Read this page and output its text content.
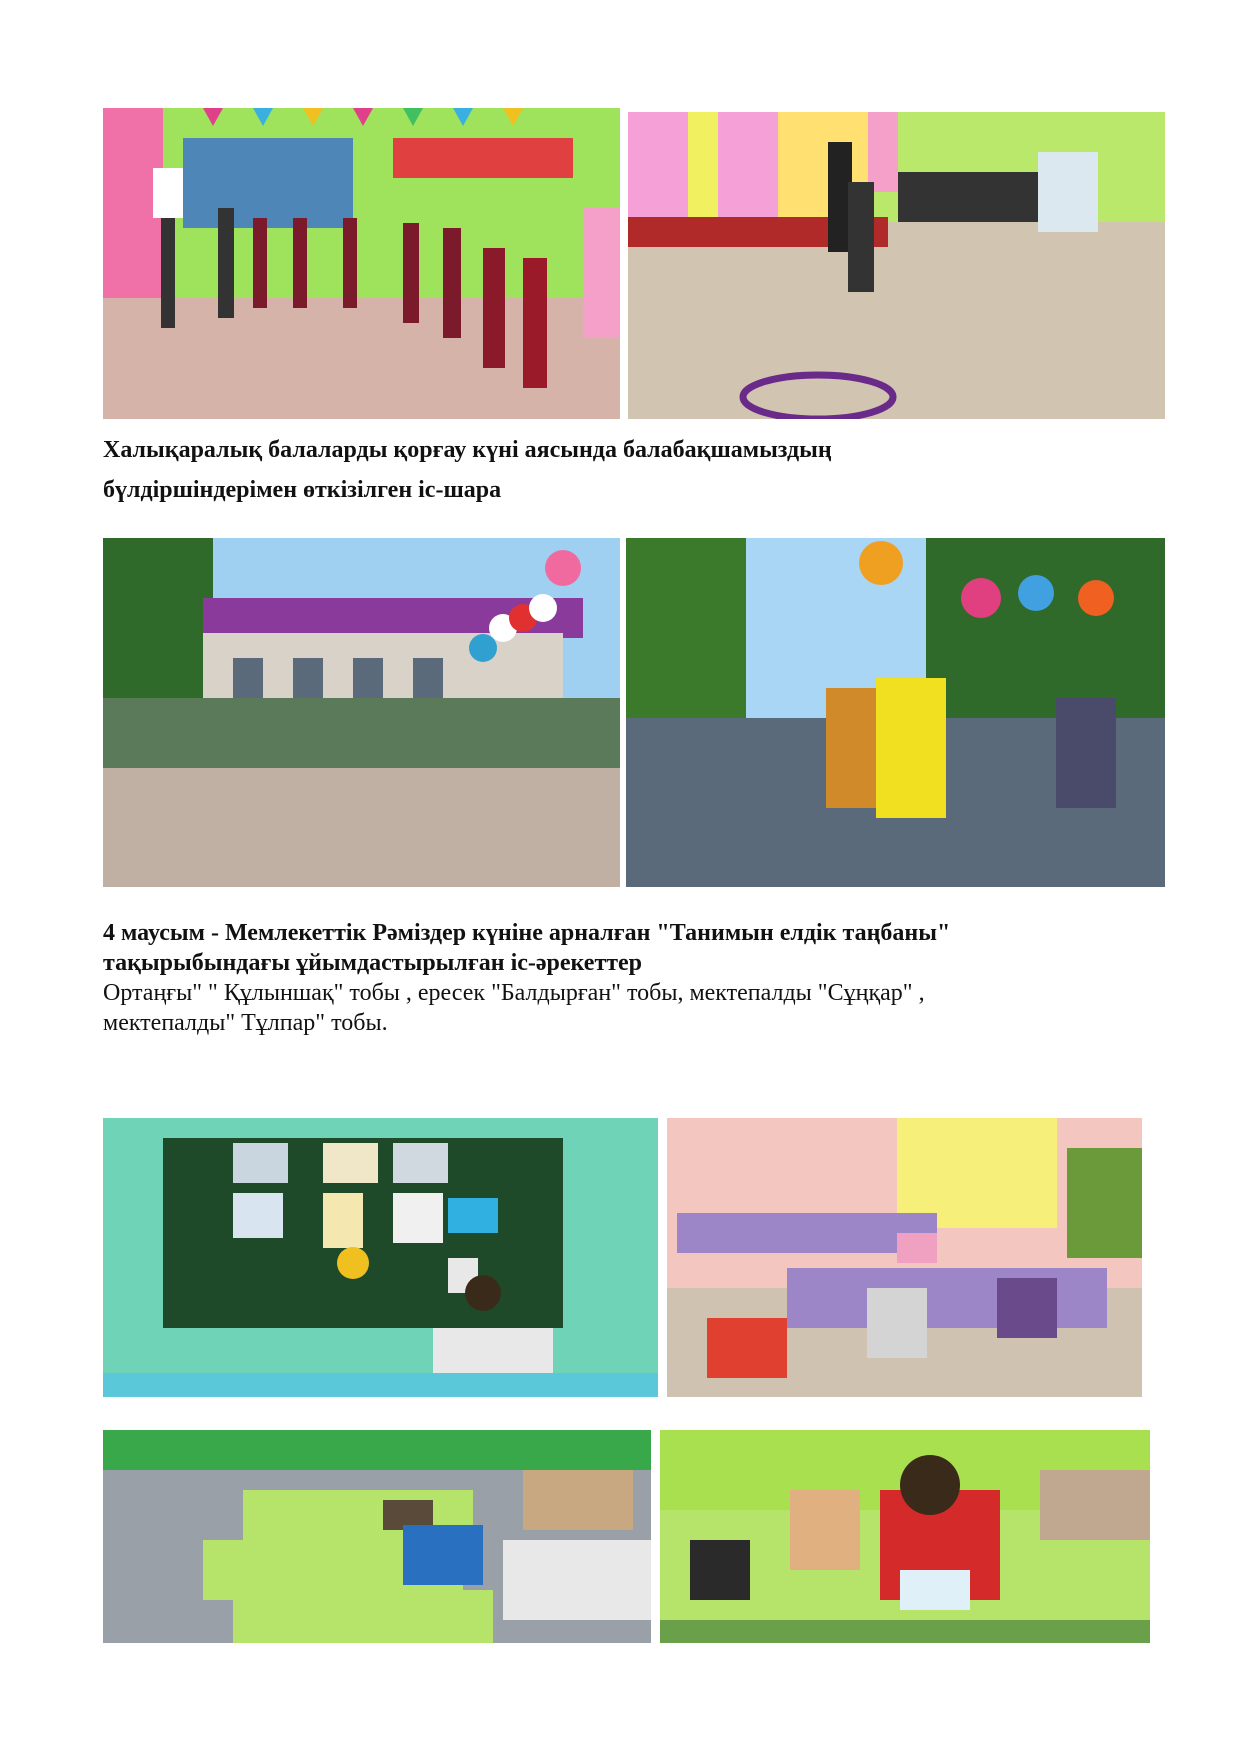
Халықаралық балаларды қорғау күні аясында балабақшамыздың
бүлдіршіндерімен өткізілген іс-шара
4 маусым - Мемлекеттік Рәміздер күніне арналған "Танимын елдік таңбаны"
тақырыбындағы ұйымдастырылған іс-әрекеттер
Ортаңғы" " Құлыншақ" тобы , ересек "Балдырған" тобы, мектепалды "Сұңқар" ,
мектепалды" Тұлпар" тобы.
